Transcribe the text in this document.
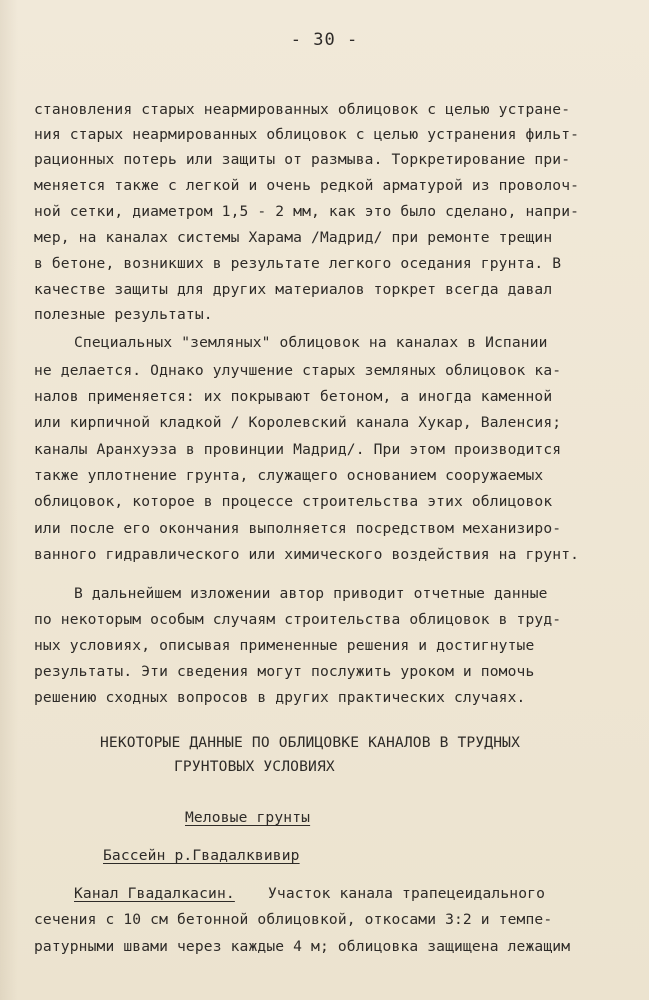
- 30 -
становления старых неармированных облицовок с целью устране-
ния старых неармированных облицовок с целью устранения фильт-
рационных потерь или защиты от размыва. Торкретирование при-
меняется также с легкой и очень редкой арматурой из проволоч-
ной сетки, диаметром 1,5 - 2 мм, как это было сделано, напри-
мер, на каналах системы Харама /Мадрид/ при ремонте трещин
в бетоне, возникших в результате легкого оседания грунта. В
качестве защиты для других материалов торкрет всегда давал
полезные результаты.
Специальных "земляных" облицовок на каналах в Испании
не делается. Однако улучшение старых земляных облицовок ка-
налов применяется: их покрывают бетоном, а иногда каменной
или кирпичной кладкой / Королевский канала Хукар, Валенсия;
каналы Аранхуэза в провинции Мадрид/. При этом производится
также уплотнение грунта, служащего основанием сооружаемых
облицовок, которое в процессе строительства этих облицовок
или после его окончания выполняется посредством механизиро-
ванного гидравлического или химического воздействия на грунт.
В дальнейшем изложении автор приводит отчетные данные
по некоторым особым случаям строительства облицовок в труд-
ных условиях, описывая примененные решения и достигнутые
результаты. Эти сведения могут послужить уроком и помочь
решению сходных вопросов в других практических случаях.
НЕКОТОРЫЕ ДАННЫЕ ПО ОБЛИЦОВКЕ КАНАЛОВ В ТРУДНЫХ
ГРУНТОВЫХ УСЛОВИЯХ
Меловые грунты
Бассейн р.Гвадалквивир
Канал Гвадалкасин. Участок канала трапецеидального
сечения с 10 см бетонной облицовкой, откосами 3:2 и темпе-
ратурными швами через каждые 4 м; облицовка защищена лежащим
